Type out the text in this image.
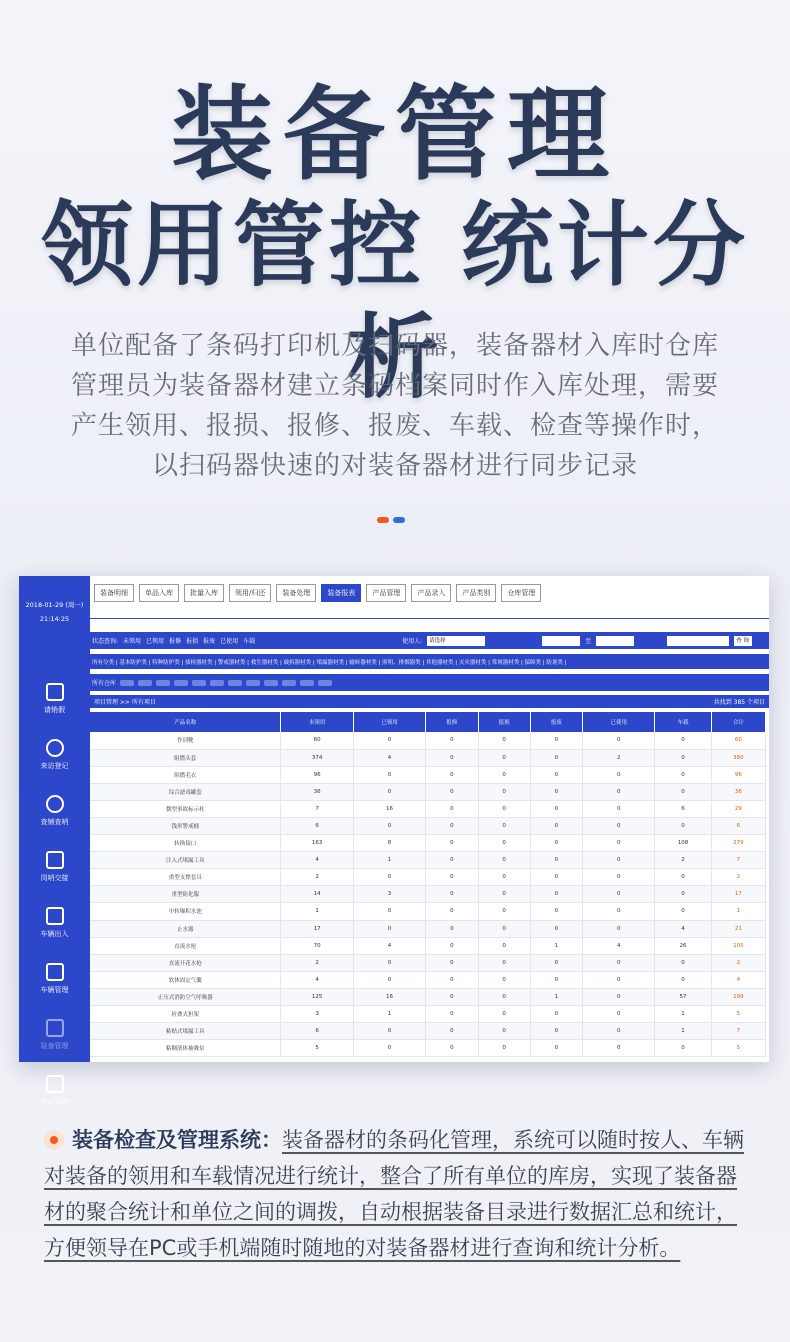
装备管理
领用管控 统计分析
单位配备了条码打印机及扫码器，装备器材入库时仓库
管理员为装备器材建立条码档案同时作入库处理，需要
产生领用、报损、报修、报废、车载、检查等操作时，
以扫码器快速的对装备器材进行同步记录
2018-01-29 (周一)
21:14:25
请销假
来访登记
查铺查哨
岗哨交接
车辆出入
车辆管理
装备管理
考试管理
装备明细	单品入库	批量入库	领用/归还	装备处理	装备报表	产品管理	产品录入	产品类别	仓库管理
状态查询: 未领用 已领用 报修 报损 报废 已使用 车载	使用人:	请选择	至	查 询
所有分类 | 基本防护类 | 特种防护类 | 侦检器材类 | 警戒器材类 | 救生器材类 | 破拆器材类 | 堵漏器材类 | 输转器材类 | 照明、排烟器类 | 其他器材类 | 灭火器材类 | 常规器材类 | 保障类 | 防暑类 |
所有仓库
项目管理 >> 所有项目	共找到 385 个项目
产品名称	未领用	已领用	报修	报损	报废	已使用	车载	合计
作训靴	60	0	0	0	0	0	0	60
阻燃头套	374	4	0	0	0	2	0	380
阻燃毛衣	96	0	0	0	0	0	0	96
综合滤毒罐套	36	0	0	0	0	0	0	36
微型事故标示柱	7	16	0	0	0	0	6	29
钱形警戒桶	6	0	0	0	0	0	0	6
转换接口	163	8	0	0	0	0	108	279
注入式堵漏工具	4	1	0	0	0	0	2	7
重型支撑套具	2	0	0	0	0	0	0	2
重型防化服	14	3	0	0	0	0	0	17
中转爆积水池	1	0	0	0	0	0	0	1
止水器	17	0	0	0	0	0	4	21
直流水枪	70	4	0	0	1	4	26	105
直流开花水枪	2	0	0	0	0	0	0	2
软体固定气囊	4	0	0	0	0	0	0	4
正压式消防空气呼吸器	125	16	0	0	1	0	57	199
折叠式担架	3	1	0	0	0	0	1	5
粘贴式堵漏工具	6	0	0	0	0	0	1	7
粘稠液体抽吸泵	5	0	0	0	0	0	0	5
装备检查及管理系统：装备器材的条码化管理，系统可以随时按人、车辆对装备的领用和车载情况进行统计，整合了所有单位的库房，实现了装备器材的聚合统计和单位之间的调拨，自动根据装备目录进行数据汇总和统计，方便领导在PC或手机端随时随地的对装备器材进行查询和统计分析。
